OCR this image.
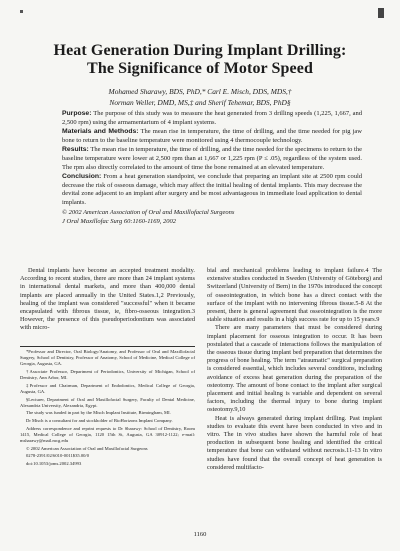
Heat Generation During Implant Drilling:
The Significance of Motor Speed
Mohamed Sharawy, BDS, PhD,* Carl E. Misch, DDS, MDS,†
Norman Weller, DMD, MS,‡ and Sherif Tehemar, BDS, PhD§

Purpose: The purpose of this study was to measure the heat generated from 3 drilling speeds (1,225, 1,667, and 2,500 rpm) using the armamentarium of 4 implant systems.

Materials and Methods: The mean rise in temperature, the time of drilling, and the time needed for pig jaw bone to return to the baseline temperature were monitored using 4 thermocouple technology.

Results: The mean rise in temperature, the time of drilling, and the time needed for the specimens to return to the baseline temperature were lower at 2,500 rpm than at 1,667 or 1,225 rpm (P ≤ .05), regardless of the system used. The rpm also directly correlated to the amount of time the bone remained at an elevated temperature.

Conclusion: From a heat generation standpoint, we conclude that preparing an implant site at 2500 rpm could decrease the risk of osseous damage, which may affect the initial healing of dental implants. This may decrease the devital zone adjacent to an implant after surgery and be most advantageous in immediate load application to dental implants.

© 2002 American Association of Oral and Maxillofacial Surgeons

J Oral Maxillofac Surg 60:1160-1169, 2002

Dental implants have become an accepted treatment modality. According to recent studies, there are more than 24 implant systems in international dental markets, and more than 400,000 dental implants are placed annually in the United States.1,2 Previously, healing of the implant was considered "successful" when it became encapsulated with fibrous tissue, ie, fibro-osseous integration.3 However, the presence of this pseudoperiodontium was associated with micro-

*Professor and Director, Oral Biology/Anatomy, and Professor of Oral and Maxillofacial Surgery, School of Dentistry, Professor of Anatomy, School of Medicine, Medical College of Georgia, Augusta, GA.

†Associate Professor, Department of Periodontics, University of Michigan, School of Dentistry, Ann Arbor, MI.

‡Professor and Chairman, Department of Endodontics, Medical College of Georgia, Augusta, GA.

§Lecturer, Department of Oral and Maxillofacial Surgery, Faculty of Dental Medicine, Alexandria University, Alexandria, Egypt.

The study was funded in part by the Misch Implant Institute, Birmingham, MI.

Dr Misch is a consultant for and stockholder of BioHorizons Implant Company.

Address correspondence and reprint requests to Dr Sharawy: School of Dentistry, Room 1415, Medical College of Georgia, 1120 15th St, Augusta, GA 30912-1122; e-mail: msharawy@mail.mcg.edu

© 2002 American Association of Oral and Maxillofacial Surgeons

0278-2391/02/6010-0011$35.00/0

doi:10.1053/joms.2002.34993

bial and mechanical problems leading to implant failure.4 The extensive studies conducted in Sweden (University of Göteborg) and Switzerland (University of Bern) in the 1970s introduced the concept of osseointegration, in which bone has a direct contact with the surface of the implant with no intervening fibrous tissue.5-8 At the present, there is general agreement that osseointegration is the more stable situation and results in a high success rate for up to 15 years.9

There are many parameters that must be considered during implant placement for osseous integration to occur. It has been postulated that a cascade of interactions follows the manipulation of the osseous tissue during implant bed preparation that determines the progress of bone healing. The term "atraumatic" surgical preparation is considered essential, which includes several conditions, including avoidance of excess heat generation during the preparation of the osteotomy. The amount of bone contact to the implant after surgical placement and initial healing is variable and dependent on several factors, including the thermal injury to bone during implant osteotomy.9,10

Heat is always generated during implant drilling. Past implant studies to evaluate this event have been conducted in vivo and in vitro. The in vivo studies have shown the harmful role of heat production in subsequent bone healing and identified the critical temperature that bone can withstand without necrosis.11-13 In vitro studies have found that the overall concept of heat generation is considered multifacto-

1160
